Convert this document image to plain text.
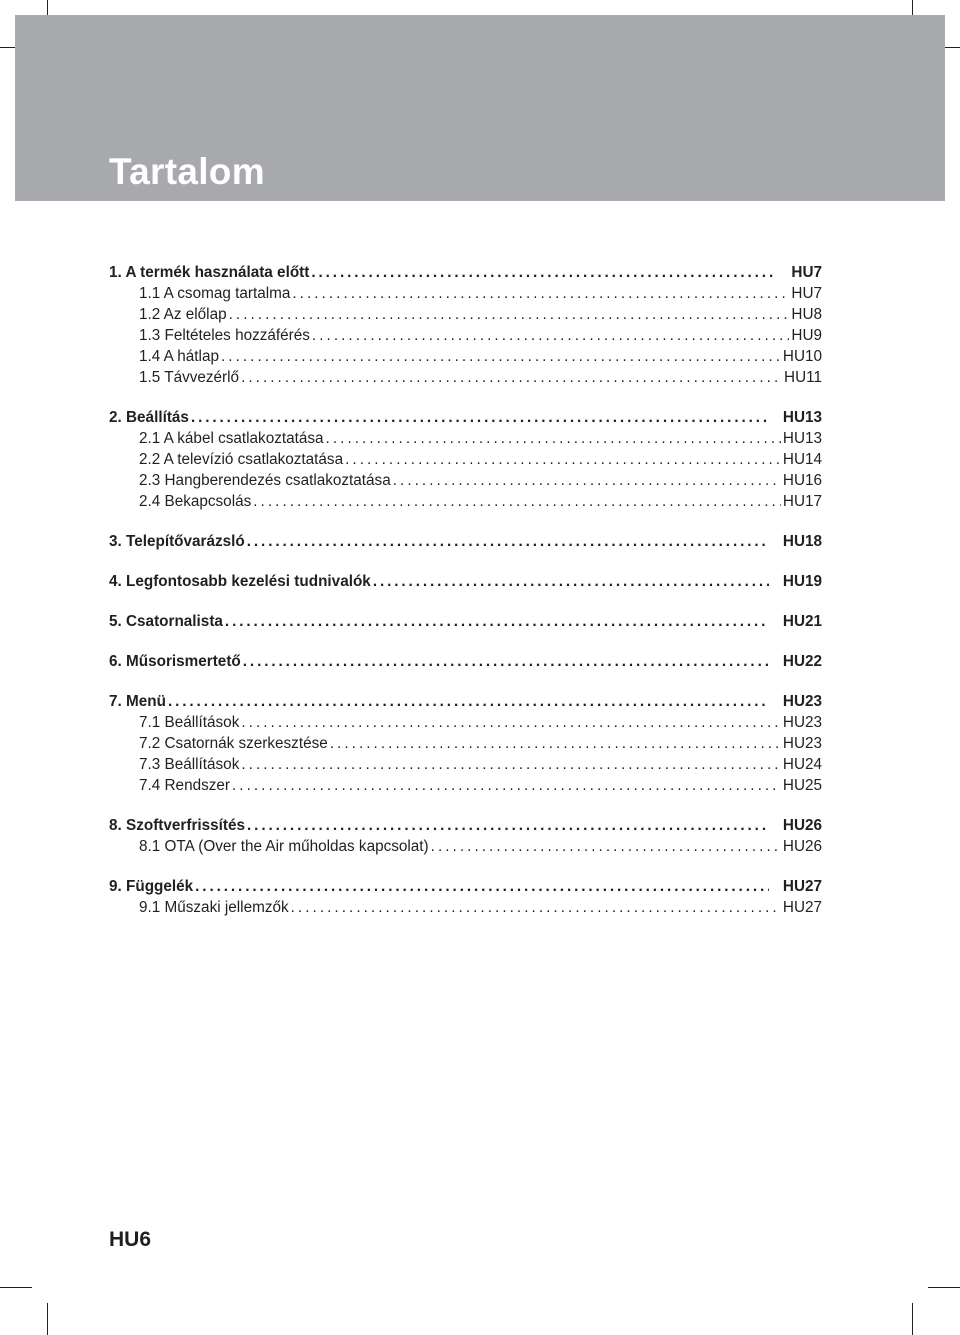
Tartalom
1. A termék használata előtt .....	HU7
1.1 A csomag tartalma .....	HU7
1.2 Az előlap .....	HU8
1.3 Feltételes hozzáférés .....	HU9
1.4 A hátlap .....	HU10
1.5 Távvezérlő .....	HU11
2. Beállítás .....	HU13
2.1 A kábel csatlakoztatása .....	HU13
2.2 A televízió csatlakoztatása .....	HU14
2.3 Hangberendezés csatlakoztatása .....	HU16
2.4 Bekapcsolás .....	HU17
3. Telepítővarázsló .....	HU18
4. Legfontosabb kezelési tudnivalók .....	HU19
5. Csatornalista .....	HU21
6. Műsorismertető .....	HU22
7. Menü .....	HU23
7.1 Beállítások .....	HU23
7.2 Csatornák szerkesztése .....	HU23
7.3 Beállítások .....	HU24
7.4 Rendszer .....	HU25
8. Szoftverfrissítés .....	HU26
8.1 OTA (Over the Air műholdas kapcsolat) .....	HU26
9. Függelék .....	HU27
9.1 Műszaki jellemzők .....	HU27
HU6
